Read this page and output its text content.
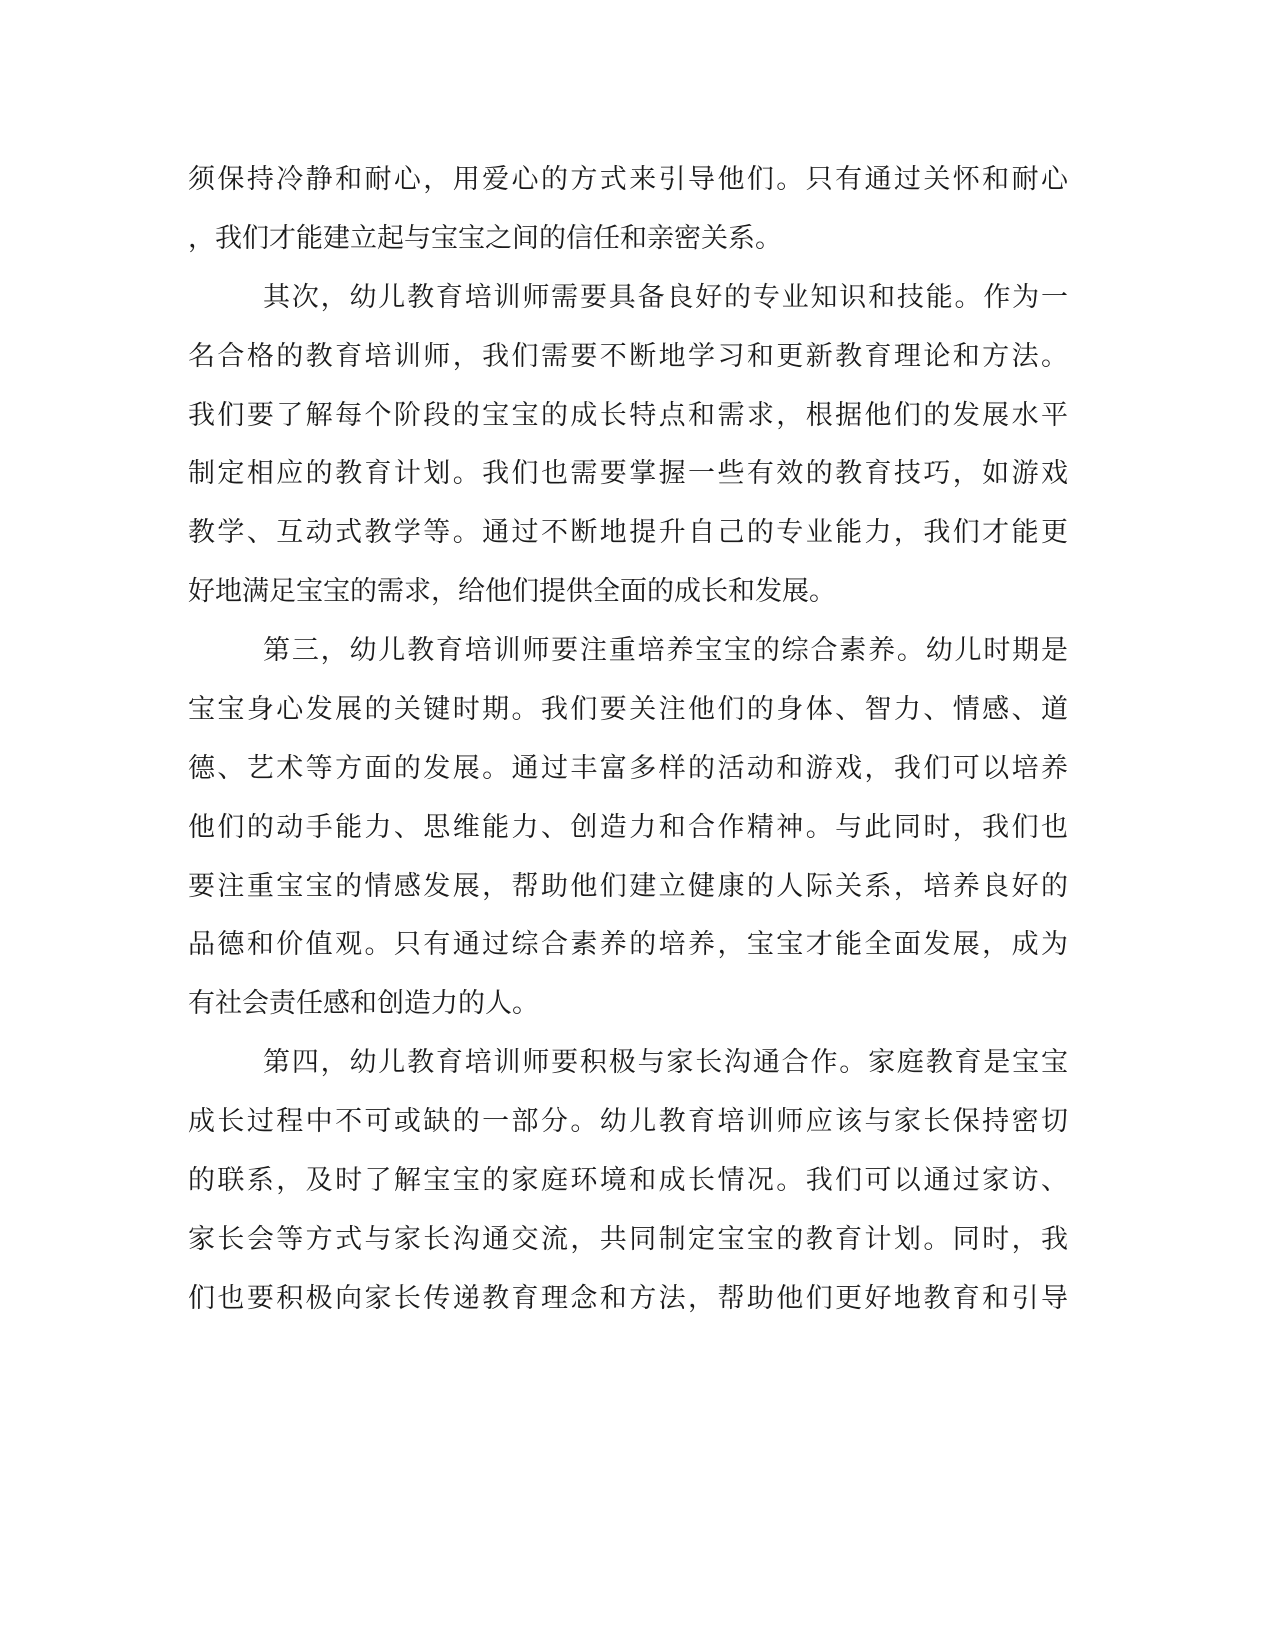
须保持冷静和耐心，用爱心的方式来引导他们。只有通过关怀和耐心
，我们才能建立起与宝宝之间的信任和亲密关系。
其次，幼儿教育培训师需要具备良好的专业知识和技能。作为一
名合格的教育培训师，我们需要不断地学习和更新教育理论和方法。
我们要了解每个阶段的宝宝的成长特点和需求，根据他们的发展水平
制定相应的教育计划。我们也需要掌握一些有效的教育技巧，如游戏
教学、互动式教学等。通过不断地提升自己的专业能力，我们才能更
好地满足宝宝的需求，给他们提供全面的成长和发展。
第三，幼儿教育培训师要注重培养宝宝的综合素养。幼儿时期是
宝宝身心发展的关键时期。我们要关注他们的身体、智力、情感、道
德、艺术等方面的发展。通过丰富多样的活动和游戏，我们可以培养
他们的动手能力、思维能力、创造力和合作精神。与此同时，我们也
要注重宝宝的情感发展，帮助他们建立健康的人际关系，培养良好的
品德和价值观。只有通过综合素养的培养，宝宝才能全面发展，成为
有社会责任感和创造力的人。
第四，幼儿教育培训师要积极与家长沟通合作。家庭教育是宝宝
成长过程中不可或缺的一部分。幼儿教育培训师应该与家长保持密切
的联系，及时了解宝宝的家庭环境和成长情况。我们可以通过家访、
家长会等方式与家长沟通交流，共同制定宝宝的教育计划。同时，我
们也要积极向家长传递教育理念和方法，帮助他们更好地教育和引导
